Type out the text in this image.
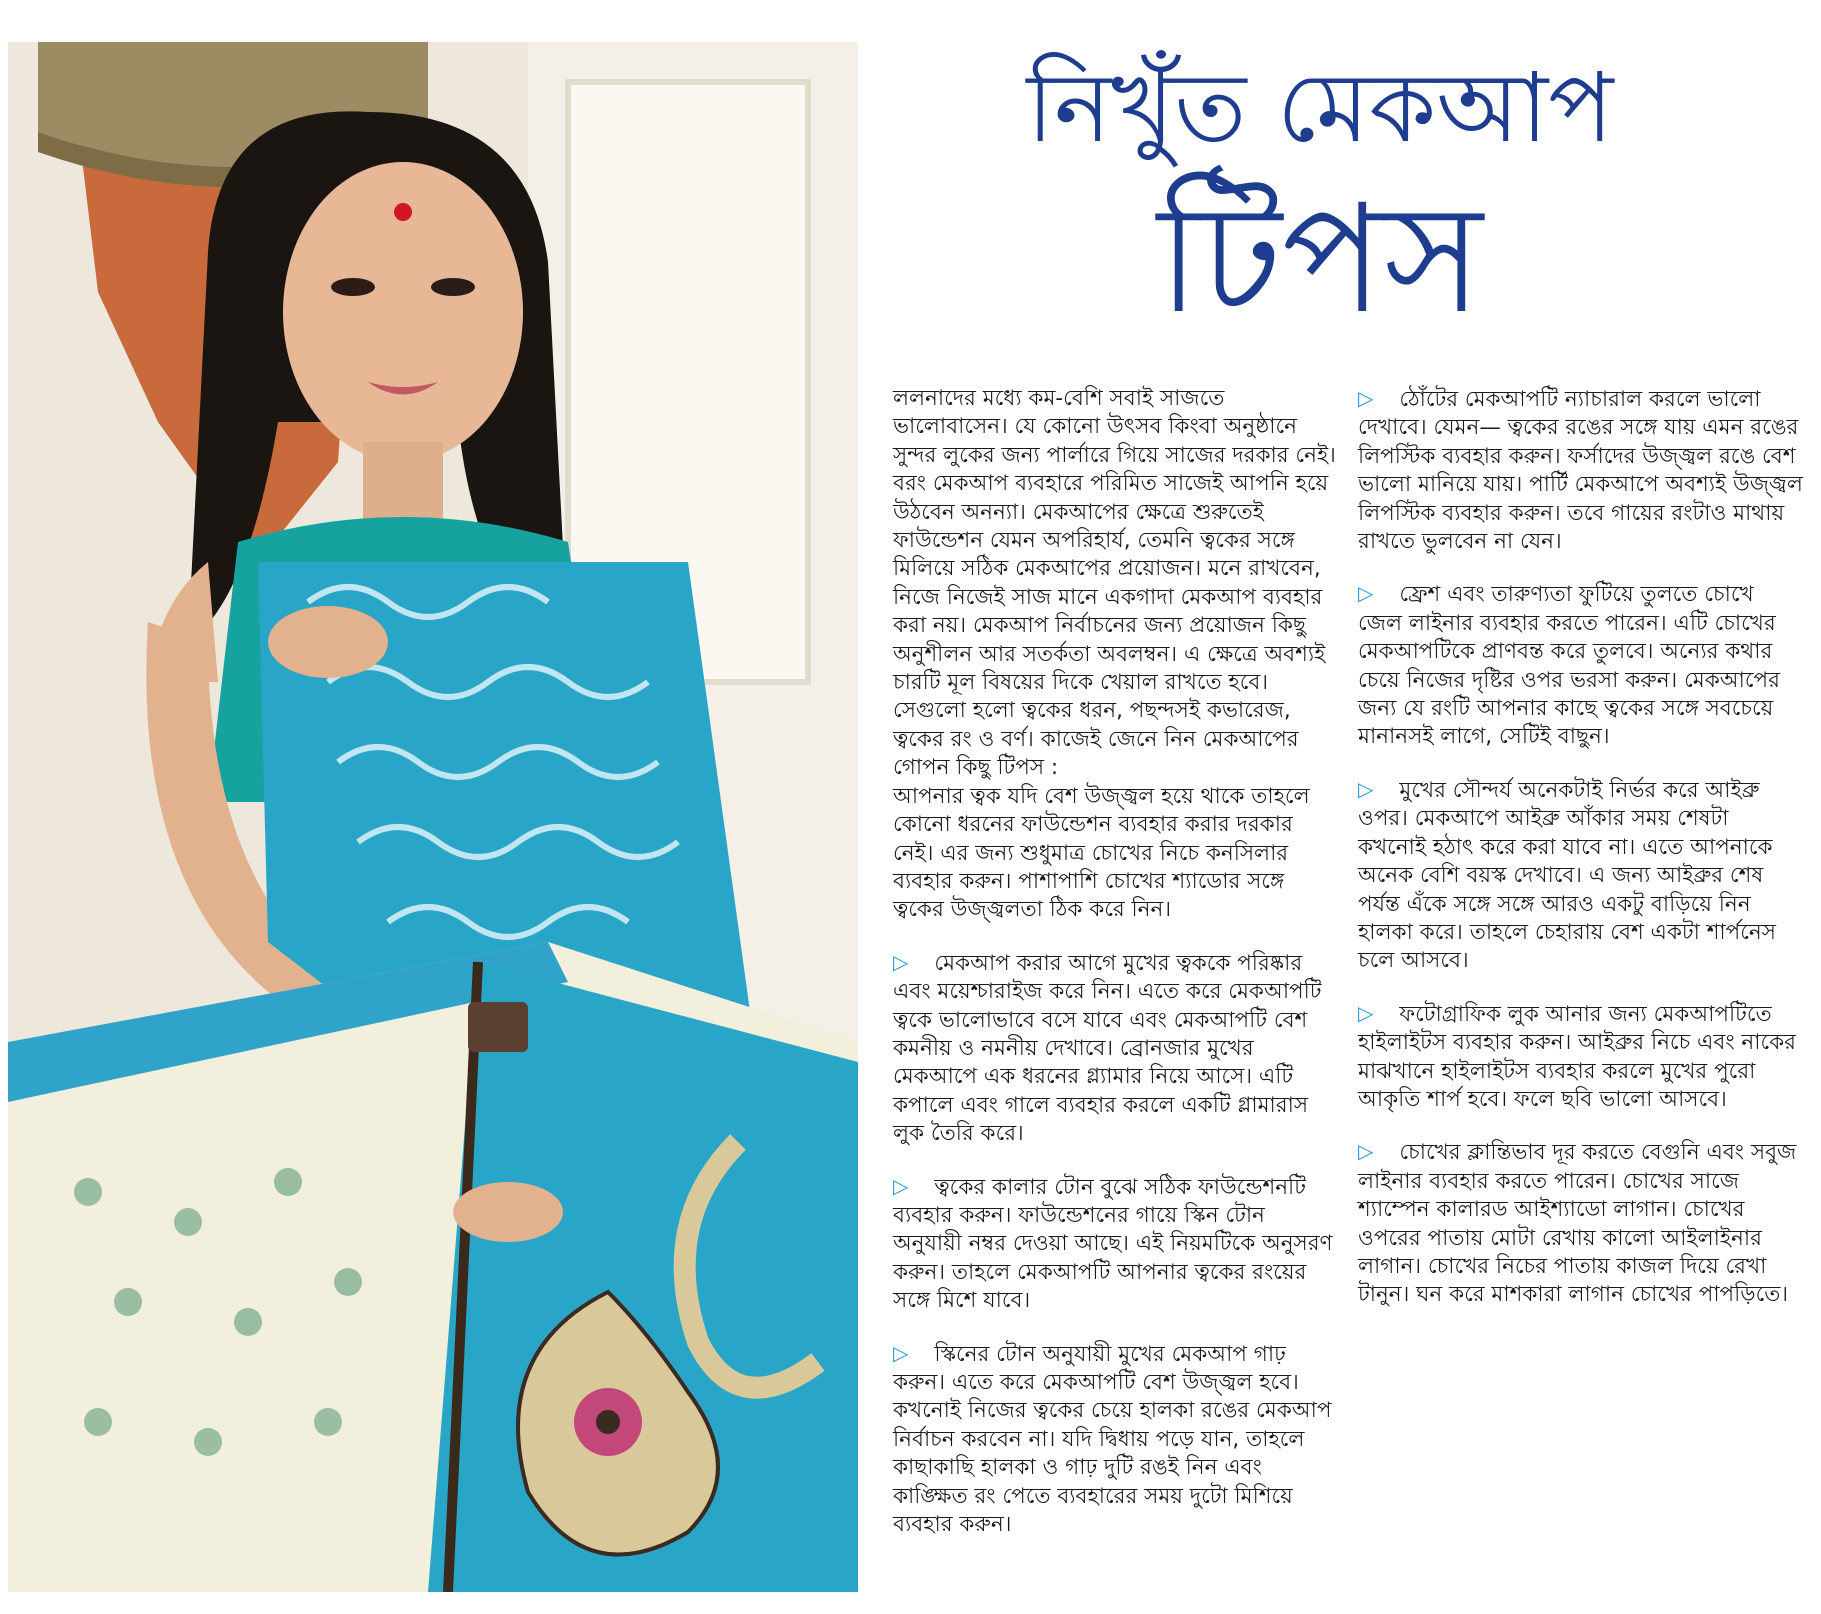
নিখুঁত মেকআপ
টিপস

ললনাদের মধ্যে কম-বেশি সবাই সাজতে ভালোবাসেন। যে কোনো উৎসব কিংবা অনুষ্ঠানে সুন্দর লুকের জন্য পার্লারে গিয়ে সাজের দরকার নেই। বরং মেকআপ ব্যবহারে পরিমিত সাজেই আপনি হয়ে উঠবেন অনন্যা। মেকআপের ক্ষেত্রে শুরুতেই ফাউন্ডেশন যেমন অপরিহার্য, তেমনি ত্বকের সঙ্গে মিলিয়ে সঠিক মেকআপের প্রয়োজন। মনে রাখবেন, নিজে নিজেই সাজ মানে একগাদা মেকআপ ব্যবহার করা নয়। মেকআপ নির্বাচনের জন্য প্রয়োজন কিছু অনুশীলন আর সতর্কতা অবলম্বন। এ ক্ষেত্রে অবশ্যই চারটি মূল বিষয়ের দিকে খেয়াল রাখতে হবে। সেগুলো হলো ত্বকের ধরন, পছন্দসই কভারেজ, ত্বকের রং ও বর্ণ। কাজেই জেনে নিন মেকআপের গোপন কিছু টিপস :

আপনার ত্বক যদি বেশ উজ্জ্বল হয়ে থাকে তাহলে কোনো ধরনের ফাউন্ডেশন ব্যবহার করার দরকার নেই। এর জন্য শুধুমাত্র চোখের নিচে কনসিলার ব্যবহার করুন। পাশাপাশি চোখের শ্যাডোর সঙ্গে ত্বকের উজ্জ্বলতা ঠিক করে নিন।

▷ মেকআপ করার আগে মুখের ত্বককে পরিষ্কার এবং ময়েশ্চারাইজ করে নিন। এতে করে মেকআপটি ত্বকে ভালোভাবে বসে যাবে এবং মেকআপটি বেশ কমনীয় ও নমনীয় দেখাবে। ব্রোনজার মুখের মেকআপে এক ধরনের গ্ল্যামার নিয়ে আসে। এটি কপালে এবং গালে ব্যবহার করলে একটি গ্লামারাস লুক তৈরি করে।

▷ ত্বকের কালার টোন বুঝে সঠিক ফাউন্ডেশনটি ব্যবহার করুন। ফাউন্ডেশনের গায়ে স্কিন টোন অনুযায়ী নম্বর দেওয়া আছে। এই নিয়মটিকে অনুসরণ করুন। তাহলে মেকআপটি আপনার ত্বকের রংয়ের সঙ্গে মিশে যাবে।

▷ স্কিনের টোন অনুযায়ী মুখের মেকআপ গাঢ় করুন। এতে করে মেকআপটি বেশ উজ্জ্বল হবে। কখনোই নিজের ত্বকের চেয়ে হালকা রঙের মেকআপ নির্বাচন করবেন না। যদি দ্বিধায় পড়ে যান, তাহলে কাছাকাছি হালকা ও গাঢ় দুটি রঙই নিন এবং কাঙ্ক্ষিত রং পেতে ব্যবহারের সময় দুটো মিশিয়ে ব্যবহার করুন।

▷ ঠোঁটের মেকআপটি ন্যাচারাল করলে ভালো দেখাবে। যেমন— ত্বকের রঙের সঙ্গে যায় এমন রঙের লিপস্টিক ব্যবহার করুন। ফর্সাদের উজ্জ্বল রঙে বেশ ভালো মানিয়ে যায়। পার্টি মেকআপে অবশ্যই উজ্জ্বল লিপস্টিক ব্যবহার করুন। তবে গায়ের রংটাও মাথায় রাখতে ভুলবেন না যেন।

▷ ফ্রেশ এবং তারুণ্যতা ফুটিয়ে তুলতে চোখে জেল লাইনার ব্যবহার করতে পারেন। এটি চোখের মেকআপটিকে প্রাণবন্ত করে তুলবে। অন্যের কথার চেয়ে নিজের দৃষ্টির ওপর ভরসা করুন। মেকআপের জন্য যে রংটি আপনার কাছে ত্বকের সঙ্গে সবচেয়ে মানানসই লাগে, সেটিই বাছুন।

▷ মুখের সৌন্দর্য অনেকটাই নির্ভর করে আইব্রু ওপর। মেকআপে আইব্রু আঁকার সময় শেষটা কখনোই হঠাৎ করে করা যাবে না। এতে আপনাকে অনেক বেশি বয়স্ক দেখাবে। এ জন্য আইব্রুর শেষ পর্যন্ত এঁকে সঙ্গে সঙ্গে আরও একটু বাড়িয়ে নিন হালকা করে। তাহলে চেহারায় বেশ একটা শার্পনেস চলে আসবে।

▷ ফটোগ্রাফিক লুক আনার জন্য মেকআপটিতে হাইলাইটস ব্যবহার করুন। আইব্রুর নিচে এবং নাকের মাঝখানে হাইলাইটস ব্যবহার করলে মুখের পুরো আকৃতি শার্প হবে। ফলে ছবি ভালো আসবে।

▷ চোখের ক্লান্তিভাব দূর করতে বেগুনি এবং সবুজ লাইনার ব্যবহার করতে পারেন। চোখের সাজে শ্যাম্পেন কালারড আইশ্যাডো লাগান। চোখের ওপরের পাতায় মোটা রেখায় কালো আইলাইনার লাগান। চোখের নিচের পাতায় কাজল দিয়ে রেখা টানুন। ঘন করে মাশকারা লাগান চোখের পাপড়িতে।
